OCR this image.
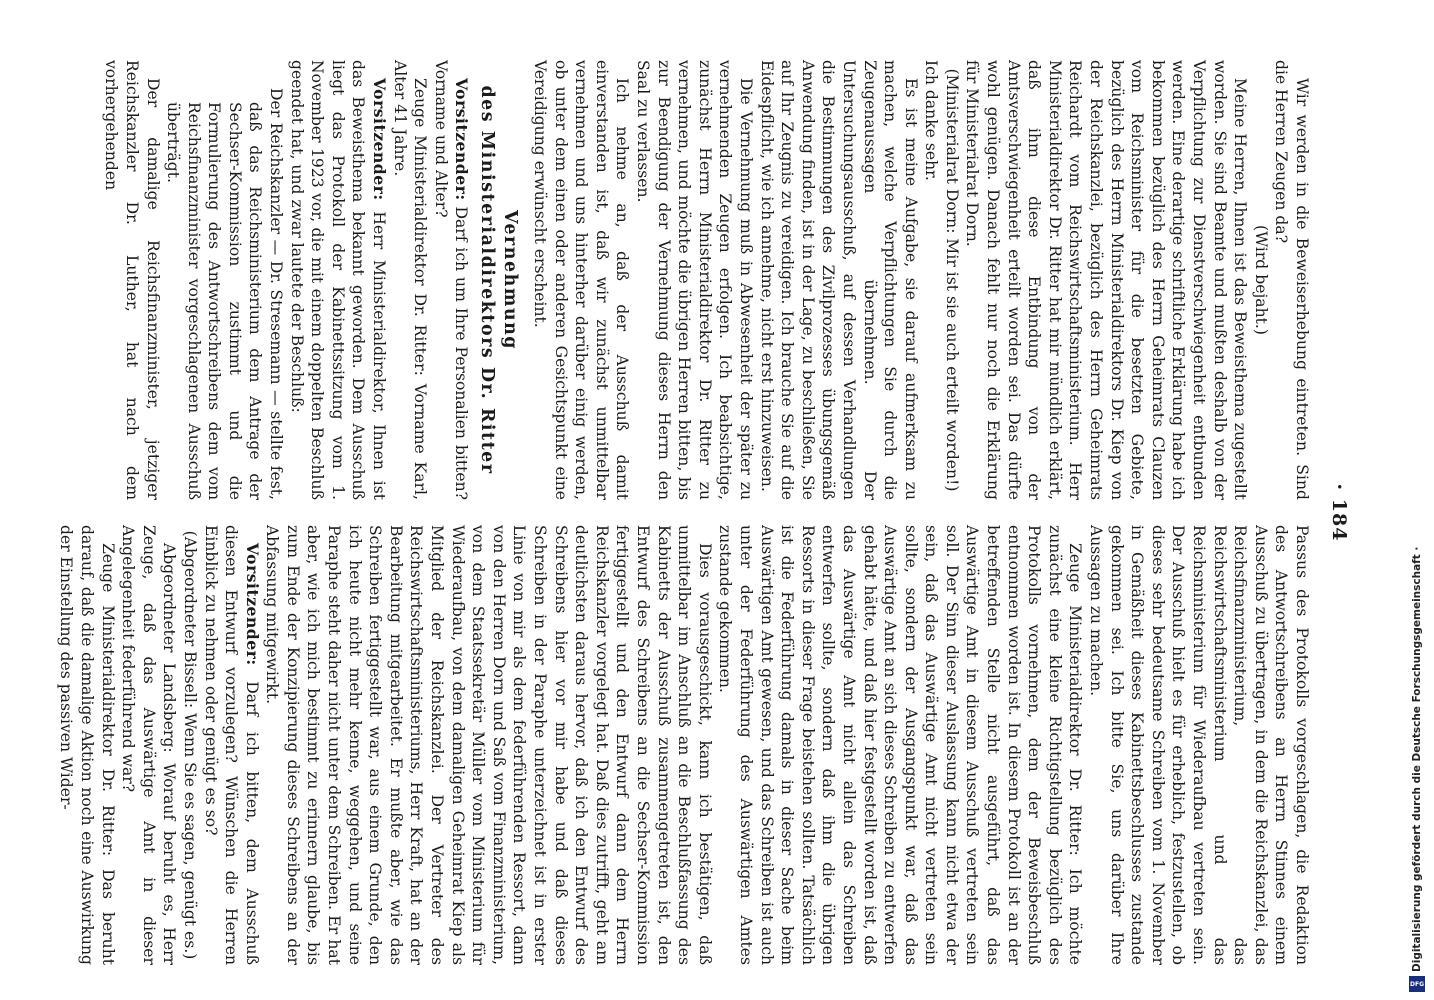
· 184

Wir werden in die Beweiserhebung eintreten. Sind die Herren Zeugen da?

(Wird bejaht.)

Meine Herren, Ihnen ist das Beweisthema zugestellt worden. Sie sind Beamte und mußten deshalb von der Verpflichtung zur Dienstverschwiegenheit entbunden werden. Eine derartige schriftliche Erklärung habe ich bekommen bezüglich des Herrn Geheimrats Clauzen vom Reichsminister für die besetzten Gebiete, bezüglich des Herrn Ministerialdirektors Dr. Kiep von der Reichskanzlei, bezüglich des Herrn Geheimrats Reichardt vom Reichswirtschaftsministerium. Herr Ministerialdirektor Dr. Ritter hat mir mündlich erklärt, daß ihm diese Entbindung von der Amtsverschwiegenheit erteilt worden sei. Das dürfte wohl genügen. Danach fehlt nur noch die Erklärung für Ministerialrat Dorn.

(Ministerialrat Dorn: Mir ist sie auch erteilt worden!)

Ich danke sehr.

Es ist meine Aufgabe, sie darauf aufmerksam zu machen, welche Verpflichtungen Sie durch die Zeugenaussagen übernehmen. Der Untersuchungsausschuß, auf dessen Verhandlungen die Bestimmungen des Zivilprozesses übungsgemäß Anwendung finden, ist in der Lage, zu beschließen, Sie auf Ihr Zeugnis zu vereidigen. Ich brauche Sie auf die Eidespflicht, wie ich annehme, nicht erst hinzuweisen.

Die Vernehmung muß in Abwesenheit der später zu vernehmenden Zeugen erfolgen. Ich beabsichtige, zunächst Herrn Ministerialdirektor Dr. Ritter zu vernehmen, und möchte die übrigen Herren bitten, bis zur Beendigung der Vernehmung dieses Herrn den Saal zu verlassen.

Ich nehme an, daß der Ausschuß damit einverstanden ist, daß wir zunächst unmittelbar vernehmen und uns hinterher darüber einig werden, ob unter dem einen oder anderen Gesichtspunkt eine Vereidigung erwünscht erscheint.

Vernehmung
des Ministerialdirektors Dr. Ritter

Vorsitzender: Darf ich um Ihre Personalien bitten? Vorname und Alter?

Zeuge Ministerialdirektor Dr. Ritter: Vorname Karl, Alter 41 Jahre.

Vorsitzender: Herr Ministerialdirektor, Ihnen ist das Beweisthema bekannt geworden. Dem Ausschuß liegt das Protokoll der Kabinettssitzung vom 1. November 1923 vor, die mit einem doppelten Beschluß geendet hat, und zwar lautete der Beschluß:

Der Reichskanzler — Dr. Stresemann — stellte fest, daß das Reichsministerium dem Antrage der Sechser-Kommission zustimmt und die Formulierung des Antwortschreibens dem vom Reichsfinanzminister vorgeschlagenen Ausschuß überträgt.

Der damalige Reichsfinanzminister, jetziger Reichskanzler Dr. Luther, hat nach dem vorhergehenden

Passus des Protokolls vorgeschlagen, die Redaktion des Antwortschreibens an Herrn Stinnes einem Ausschuß zu übertragen, in dem die Reichskanzlei, das Reichsfinanzministerium, das Reichswirtschaftsministerium und das Reichsministerium für Wiederaufbau vertreten sein. Der Ausschuß hielt es für erheblich, festzustellen, ob dieses sehr bedeutsame Schreiben vom 1. November in Gemäßheit dieses Kabinettsbeschlusses zustande gekommen sei. Ich bitte Sie, uns darüber Ihre Aussagen zu machen.

Zeuge Ministerialdirektor Dr. Ritter: Ich möchte zunächst eine kleine Richtigstellung bezüglich des Protokolls vornehmen, dem der Beweisbeschluß entnommen worden ist. In diesem Protokoll ist an der betreffenden Stelle nicht ausgeführt, daß das Auswärtige Amt in diesem Ausschuß vertreten sein soll. Der Sinn dieser Auslassung kann nicht etwa der sein, daß das Auswärtige Amt nicht vertreten sein sollte, sondern der Ausgangspunkt war, daß das Auswärtige Amt an sich dieses Schreiben zu entwerfen gehabt hätte, und daß hier festgestellt worden ist, daß das Auswärtige Amt nicht allein das Schreiben entwerfen sollte, sondern daß ihm die übrigen Ressorts in dieser Frage beistehen sollten. Tatsächlich ist die Federführung damals in dieser Sache beim Auswärtigen Amt gewesen, und das Schreiben ist auch unter der Federführung des Auswärtigen Amtes zustande gekommen.

Dies vorausgeschickt, kann ich bestätigen, daß unmittelbar im Anschluß an die Beschlußfassung des Kabinetts der Ausschuß zusammengetreten ist, den Entwurf des Schreibens an die Sechser-Kommission fertiggestellt und den Entwurf dann dem Herrn Reichskanzler vorgelegt hat. Daß dies zutrifft, geht am deutlichsten daraus hervor, daß ich den Entwurf des Schreibens hier vor mir habe und daß dieses Schreiben in der Paraphe unterzeichnet ist in erster Linie von mir als dem federführenden Ressort, dann von den Herren Dorn und Saß vom Finanzministerium, von dem Staatssekretär Müller vom Ministerium für Wiederaufbau, von dem damaligen Geheimrat Kiep als Mitglied der Reichskanzlei. Der Vertreter des Reichswirtschaftsministeriums, Herr Kraft, hat an der Bearbeitung mitgearbeitet. Er mußte aber, wie das Schreiben fertiggestellt war, aus einem Grunde, den ich heute nicht mehr kenne, weggehen, und seine Paraphe steht daher nicht unter dem Schreiben. Er hat aber, wie ich mich bestimmt zu erinnern glaube, bis zum Ende der Konzipierung dieses Schreibens an der Abfassung mitgewirkt.

Vorsitzender: Darf ich bitten, dem Ausschuß diesen Entwurf vorzulegen? Wünschen die Herren Einblick zu nehmen oder genügt es so?

(Abgeordneter Bissell: Wenn Sie es sagen, genügt es.)

Abgeordneter Landsberg: Worauf beruht es, Herr Zeuge, daß das Auswärtige Amt in dieser Angelegenheit federführend war?

Zeuge Ministerialdirektor Dr. Ritter: Das beruht darauf, daß die damalige Aktion noch eine Auswirkung der Einstellung des passiven Wider-	Digitalisierung gefördert durch die Deutsche Forschungsgemeinschaft ·
DFG
